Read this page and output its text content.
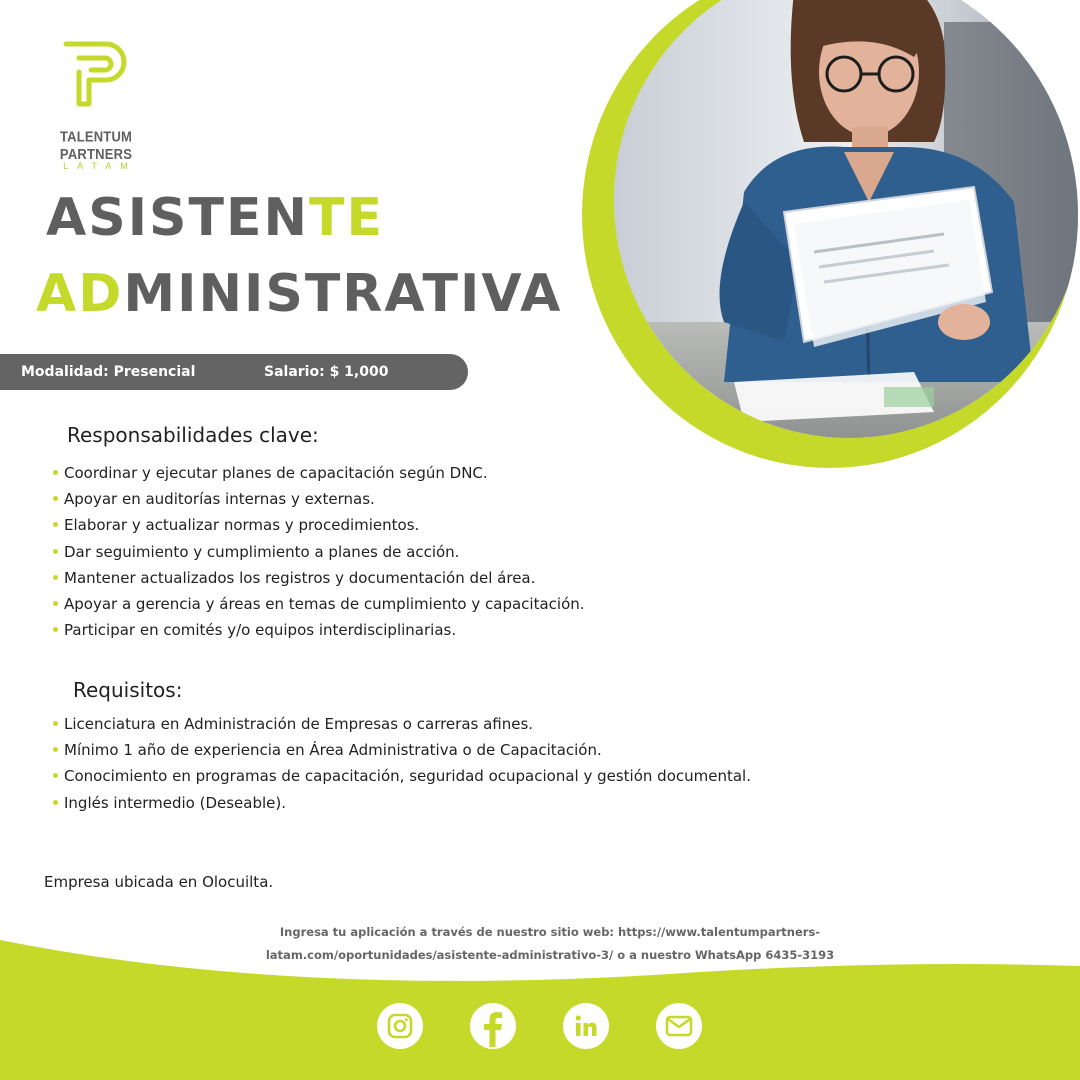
TALENTUM PARTNERS
LATAM
ASISTENTE
ADMINISTRATIVA
Modalidad: Presencial	Salario: $ 1,000
Responsabilidades clave:
Coordinar y ejecutar planes de capacitación según DNC.
Apoyar en auditorías internas y externas.
Elaborar y actualizar normas y procedimientos.
Dar seguimiento y cumplimiento a planes de acción.
Mantener actualizados los registros y documentación del área.
Apoyar a gerencia y áreas en temas de cumplimiento y capacitación.
Participar en comités y/o equipos interdisciplinarias.
Requisitos:
Licenciatura en Administración de Empresas o carreras afines.
Mínimo 1 año de experiencia en Área Administrativa o de Capacitación.
Conocimiento en programas de capacitación, seguridad ocupacional y gestión documental.
Inglés intermedio (Deseable).
Empresa ubicada en Olocuilta.
Ingresa tu aplicación a través de nuestro sitio web: https://www.talentumpartners-
latam.com/oportunidades/asistente-administrativo-3/ o a nuestro WhatsApp 6435-3193
